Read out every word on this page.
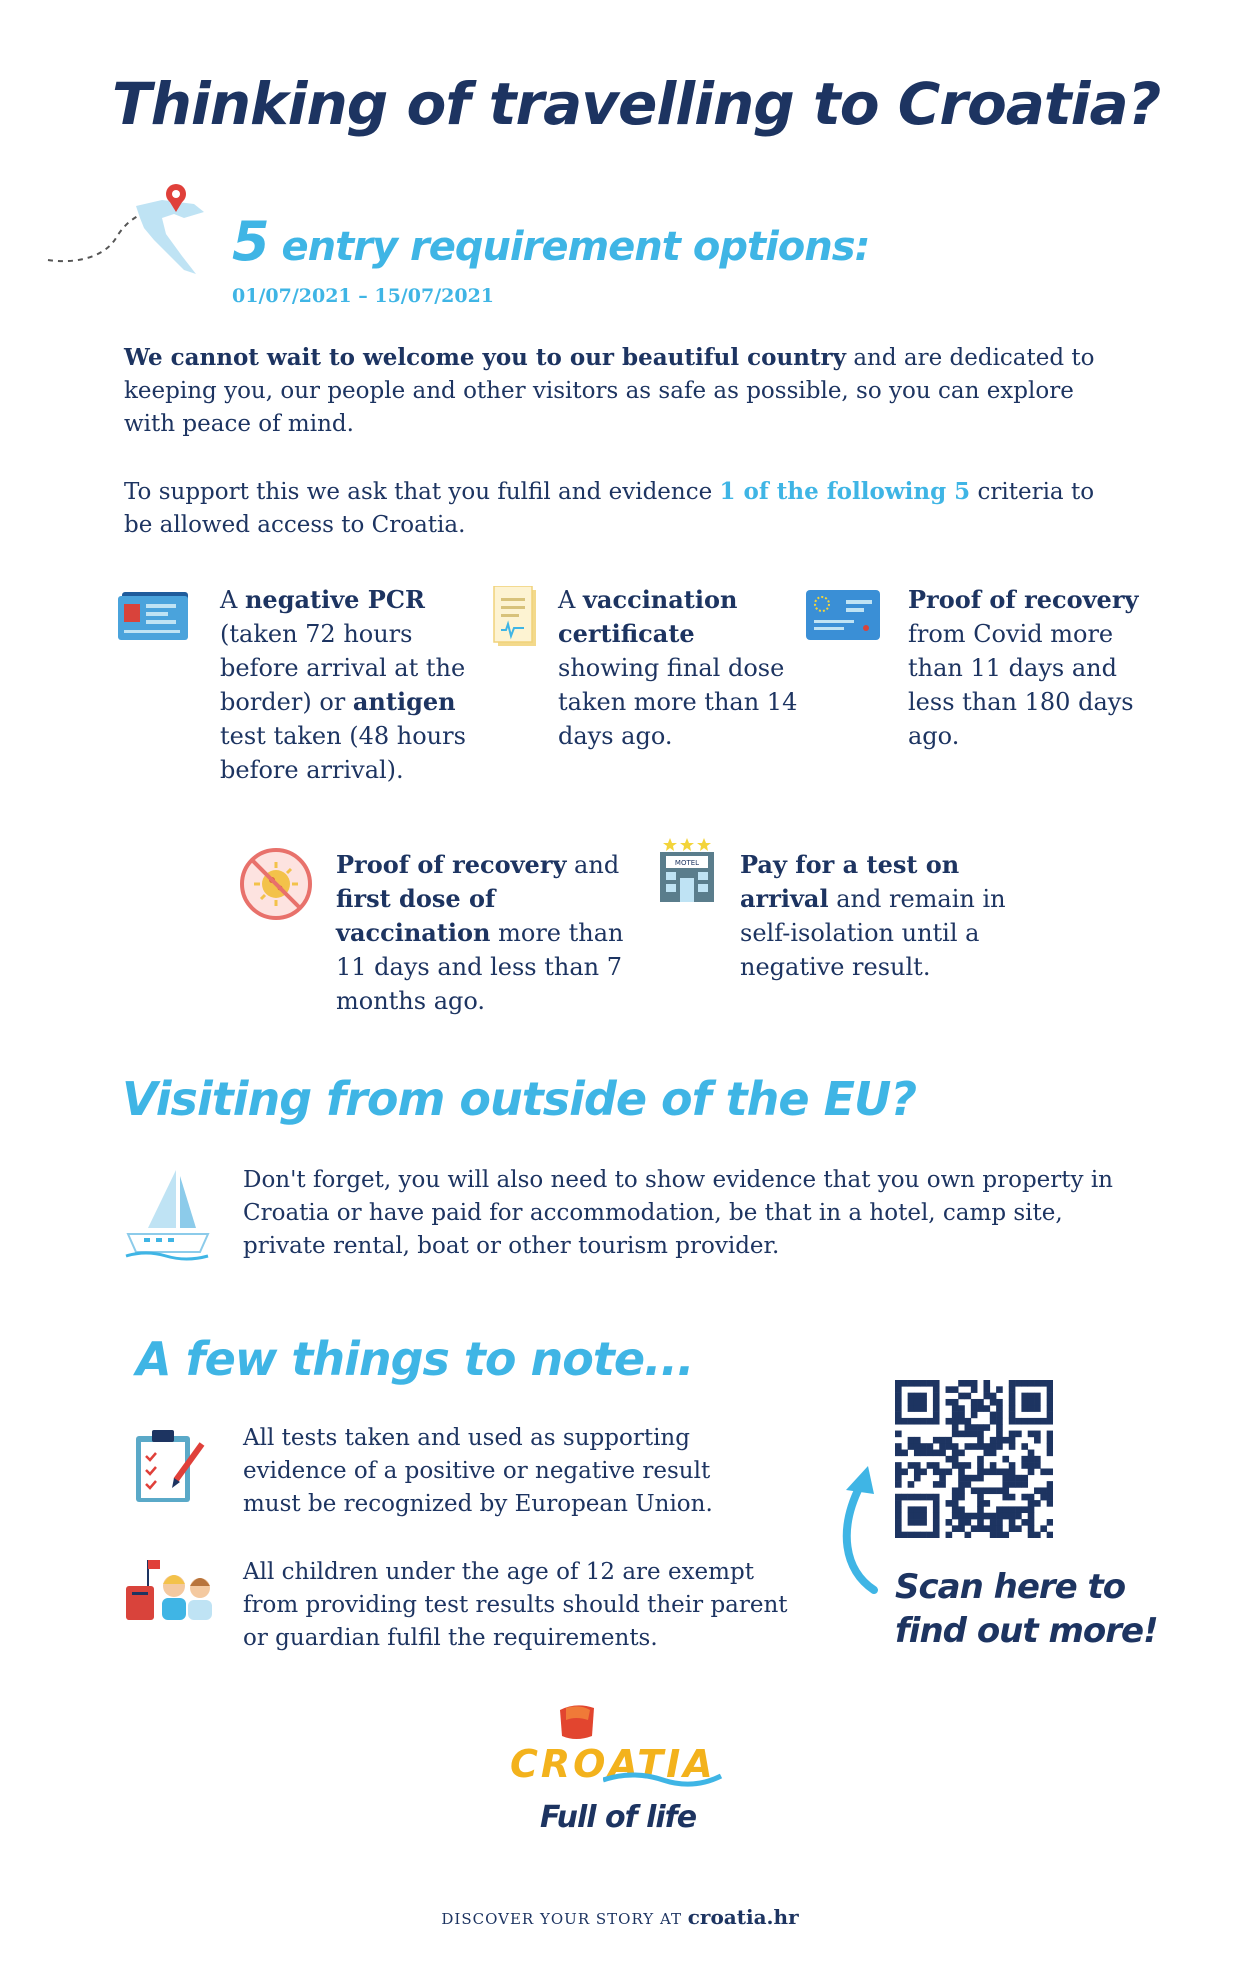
Thinking of travelling to Croatia?
5 entry requirement options:
01/07/2021 – 15/07/2021
We cannot wait to welcome you to our beautiful country and are dedicated to keeping you, our people and other visitors as safe as possible, so you can explore with peace of mind.
To support this we ask that you fulfil and evidence 1 of the following 5 criteria to be allowed access to Croatia.
A negative PCR (taken 72 hours before arrival at the border) or antigen test taken (48 hours before arrival).
A vaccination certificate showing final dose taken more than 14 days ago.
Proof of recovery from Covid more than 11 days and less than 180 days ago.
Proof of recovery and first dose of vaccination more than 11 days and less than 7 months ago.
MOTEL Pay for a test on arrival and remain in self-isolation until a negative result.
Visiting from outside of the EU?
Don't forget, you will also need to show evidence that you own property in Croatia or have paid for accommodation, be that in a hotel, camp site, private rental, boat or other tourism provider.
A few things to note...
All tests taken and used as supporting evidence of a positive or negative result must be recognized by European Union.
All children under the age of 12 are exempt from providing test results should their parent or guardian fulfil the requirements.
Scan here to
find out more!
CROATIA
Full of life
DISCOVER YOUR STORY AT croatia.hr
